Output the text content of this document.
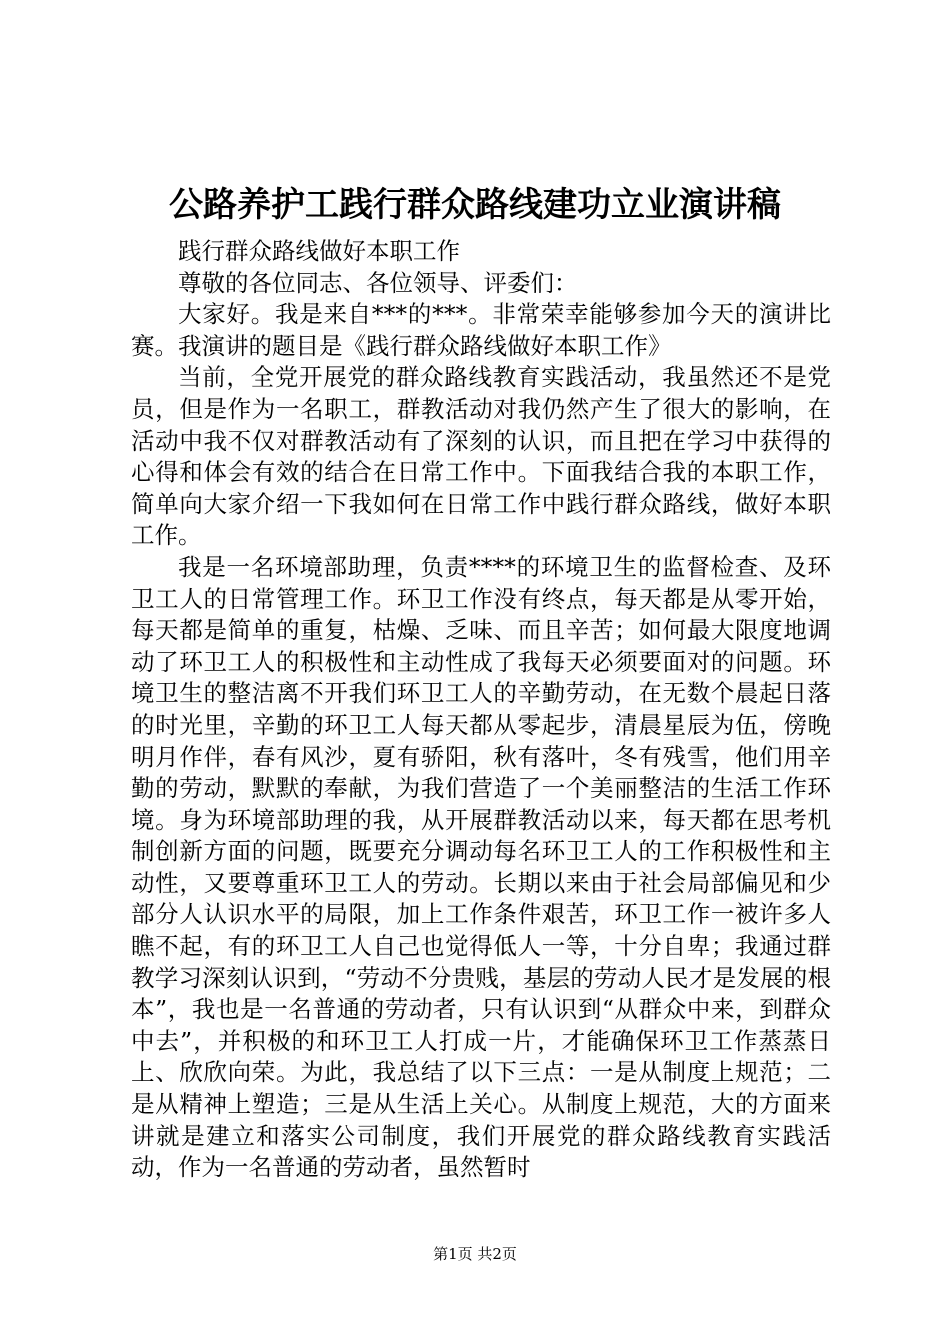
公路养护工践行群众路线建功立业演讲稿

践行群众路线做好本职工作

尊敬的各位同志、各位领导、评委们：

大家好。我是来自***的***。非常荣幸能够参加今天的演讲比赛。我演讲的题目是《践行群众路线做好本职工作》

当前，全党开展党的群众路线教育实践活动，我虽然还不是党员，但是作为一名职工，群教活动对我仍然产生了很大的影响，在活动中我不仅对群教活动有了深刻的认识，而且把在学习中获得的心得和体会有效的结合在日常工作中。下面我结合我的本职工作，简单向大家介绍一下我如何在日常工作中践行群众路线，做好本职工作。

我是一名环境部助理，负责****的环境卫生的监督检查、及环卫工人的日常管理工作。环卫工作没有终点，每天都是从零开始，每天都是简单的重复，枯燥、乏味、而且辛苦；如何最大限度地调动了环卫工人的积极性和主动性成了我每天必须要面对的问题。环境卫生的整洁离不开我们环卫工人的辛勤劳动，在无数个晨起日落的时光里，辛勤的环卫工人每天都从零起步，清晨星辰为伍，傍晚明月作伴，春有风沙，夏有骄阳，秋有落叶，冬有残雪，他们用辛勤的劳动，默默的奉献，为我们营造了一个美丽整洁的生活工作环境。身为环境部助理的我，从开展群教活动以来，每天都在思考机制创新方面的问题，既要充分调动每名环卫工人的工作积极性和主动性，又要尊重环卫工人的劳动。长期以来由于社会局部偏见和少部分人认识水平的局限，加上工作条件艰苦，环卫工作一被许多人瞧不起，有的环卫工人自己也觉得低人一等，十分自卑；我通过群教学习深刻认识到，“劳动不分贵贱，基层的劳动人民才是发展的根本”，我也是一名普通的劳动者，只有认识到“从群众中来，到群众中去”，并积极的和环卫工人打成一片，才能确保环卫工作蒸蒸日上、欣欣向荣。为此，我总结了以下三点：一是从制度上规范；二是从精神上塑造；三是从生活上关心。从制度上规范，大的方面来讲就是建立和落实公司制度，我们开展党的群众路线教育实践活动，作为一名普通的劳动者，虽然暂时

第1页 共2页
